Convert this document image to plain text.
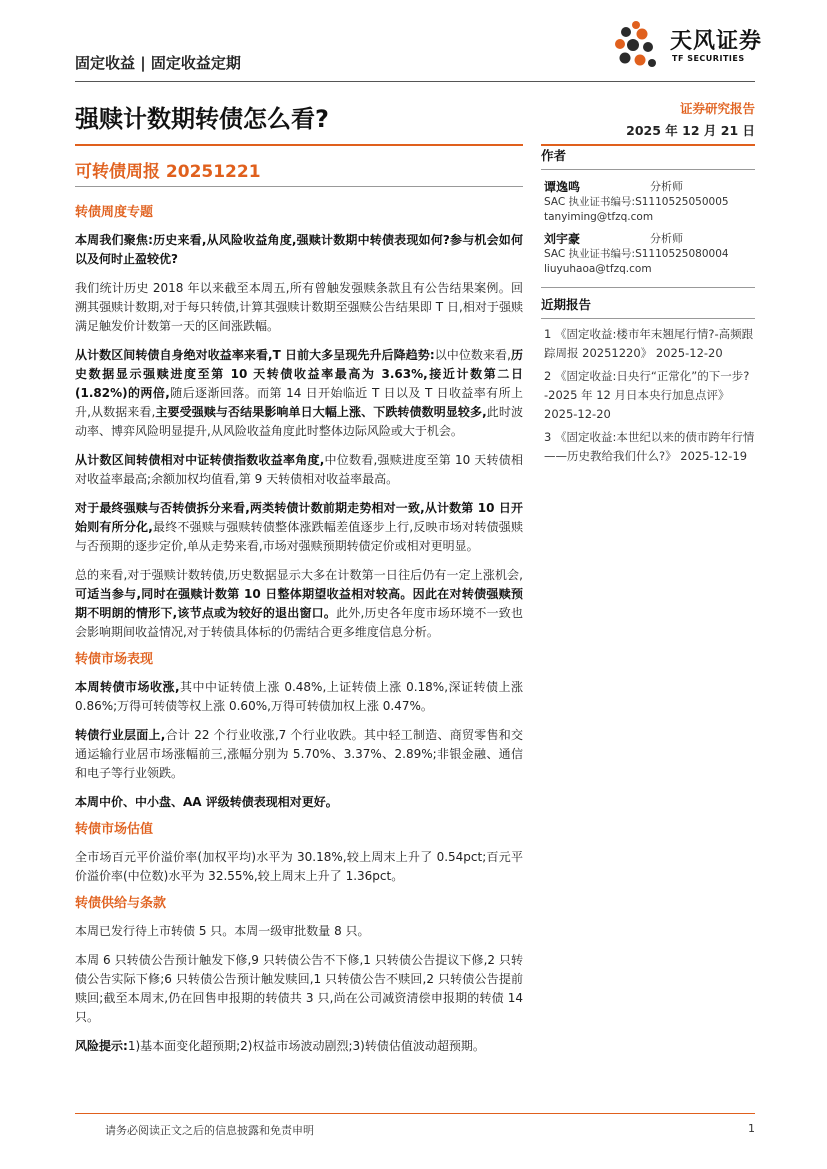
固定收益 | 固定收益定期
天风证券
TF SECURITIES
强赎计数期转债怎么看?	证券研究报告
2025 年 12 月 21 日
可转债周报 20251221
转债周度专题
本周我们聚焦:历史来看,从风险收益角度,强赎计数期中转债表现如何?参与机会如何以及何时止盈较优?
我们统计历史 2018 年以来截至本周五,所有曾触发强赎条款且有公告结果案例。回溯其强赎计数期,对于每只转债,计算其强赎计数期至强赎公告结果即 T 日,相对于强赎满足触发价计数第一天的区间涨跌幅。
从计数区间转债自身绝对收益率来看,T 日前大多呈现先升后降趋势:以中位数来看,历史数据显示强赎进度至第 10 天转债收益率最高为 3.63%,接近计数第二日(1.82%)的两倍,随后逐渐回落。而第 14 日开始临近 T 日以及 T 日收益率有所上升,从数据来看,主要受强赎与否结果影响单日大幅上涨、下跌转债数明显较多,此时波动率、博弈风险明显提升,从风险收益角度此时整体边际风险或大于机会。
从计数区间转债相对中证转债指数收益率角度,中位数看,强赎进度至第 10 天转债相对收益率最高;余额加权均值看,第 9 天转债相对收益率最高。
对于最终强赎与否转债拆分来看,两类转债计数前期走势相对一致,从计数第 10 日开始则有所分化,最终不强赎与强赎转债整体涨跌幅差值逐步上行,反映市场对转债强赎与否预期的逐步定价,单从走势来看,市场对强赎预期转债定价或相对更明显。
总的来看,对于强赎计数转债,历史数据显示大多在计数第一日往后仍有一定上涨机会,可适当参与,同时在强赎计数第 10 日整体期望收益相对较高。因此在对转债强赎预期不明朗的情形下,该节点或为较好的退出窗口。此外,历史各年度市场环境不一致也会影响期间收益情况,对于转债具体标的仍需结合更多维度信息分析。
转债市场表现
本周转债市场收涨,其中中证转债上涨 0.48%,上证转债上涨 0.18%,深证转债上涨 0.86%;万得可转债等权上涨 0.60%,万得可转债加权上涨 0.47%。
转债行业层面上,合计 22 个行业收涨,7 个行业收跌。其中轻工制造、商贸零售和交通运输行业居市场涨幅前三,涨幅分别为 5.70%、3.37%、2.89%;非银金融、通信和电子等行业领跌。
本周中价、中小盘、AA 评级转债表现相对更好。
转债市场估值
全市场百元平价溢价率(加权平均)水平为 30.18%,较上周末上升了 0.54pct;百元平价溢价率(中位数)水平为 32.55%,较上周末上升了 1.36pct。
转债供给与条款
本周已发行待上市转债 5 只。本周一级审批数量 8 只。
本周 6 只转债公告预计触发下修,9 只转债公告不下修,1 只转债公告提议下修,2 只转债公告实际下修;6 只转债公告预计触发赎回,1 只转债公告不赎回,2 只转债公告提前赎回;截至本周末,仍在回售申报期的转债共 3 只,尚在公司减资清偿申报期的转债 14 只。
风险提示:1)基本面变化超预期;2)权益市场波动剧烈;3)转债估值波动超预期。
作者
谭逸鸣	分析师
SAC 执业证书编号:S1110525050005
tanyiming@tfzq.com
刘宇豪	分析师
SAC 执业证书编号:S1110525080004
liuyuhaoa@tfzq.com
近期报告
1 《固定收益:楼市年末翘尾行情?-高频跟踪周报 20251220》 2025-12-20
2 《固定收益:日央行“正常化”的下一步?-2025 年 12 月日本央行加息点评》 2025-12-20
3 《固定收益:本世纪以来的债市跨年行情——历史教给我们什么?》 2025-12-19
请务必阅读正文之后的信息披露和免责申明	1
